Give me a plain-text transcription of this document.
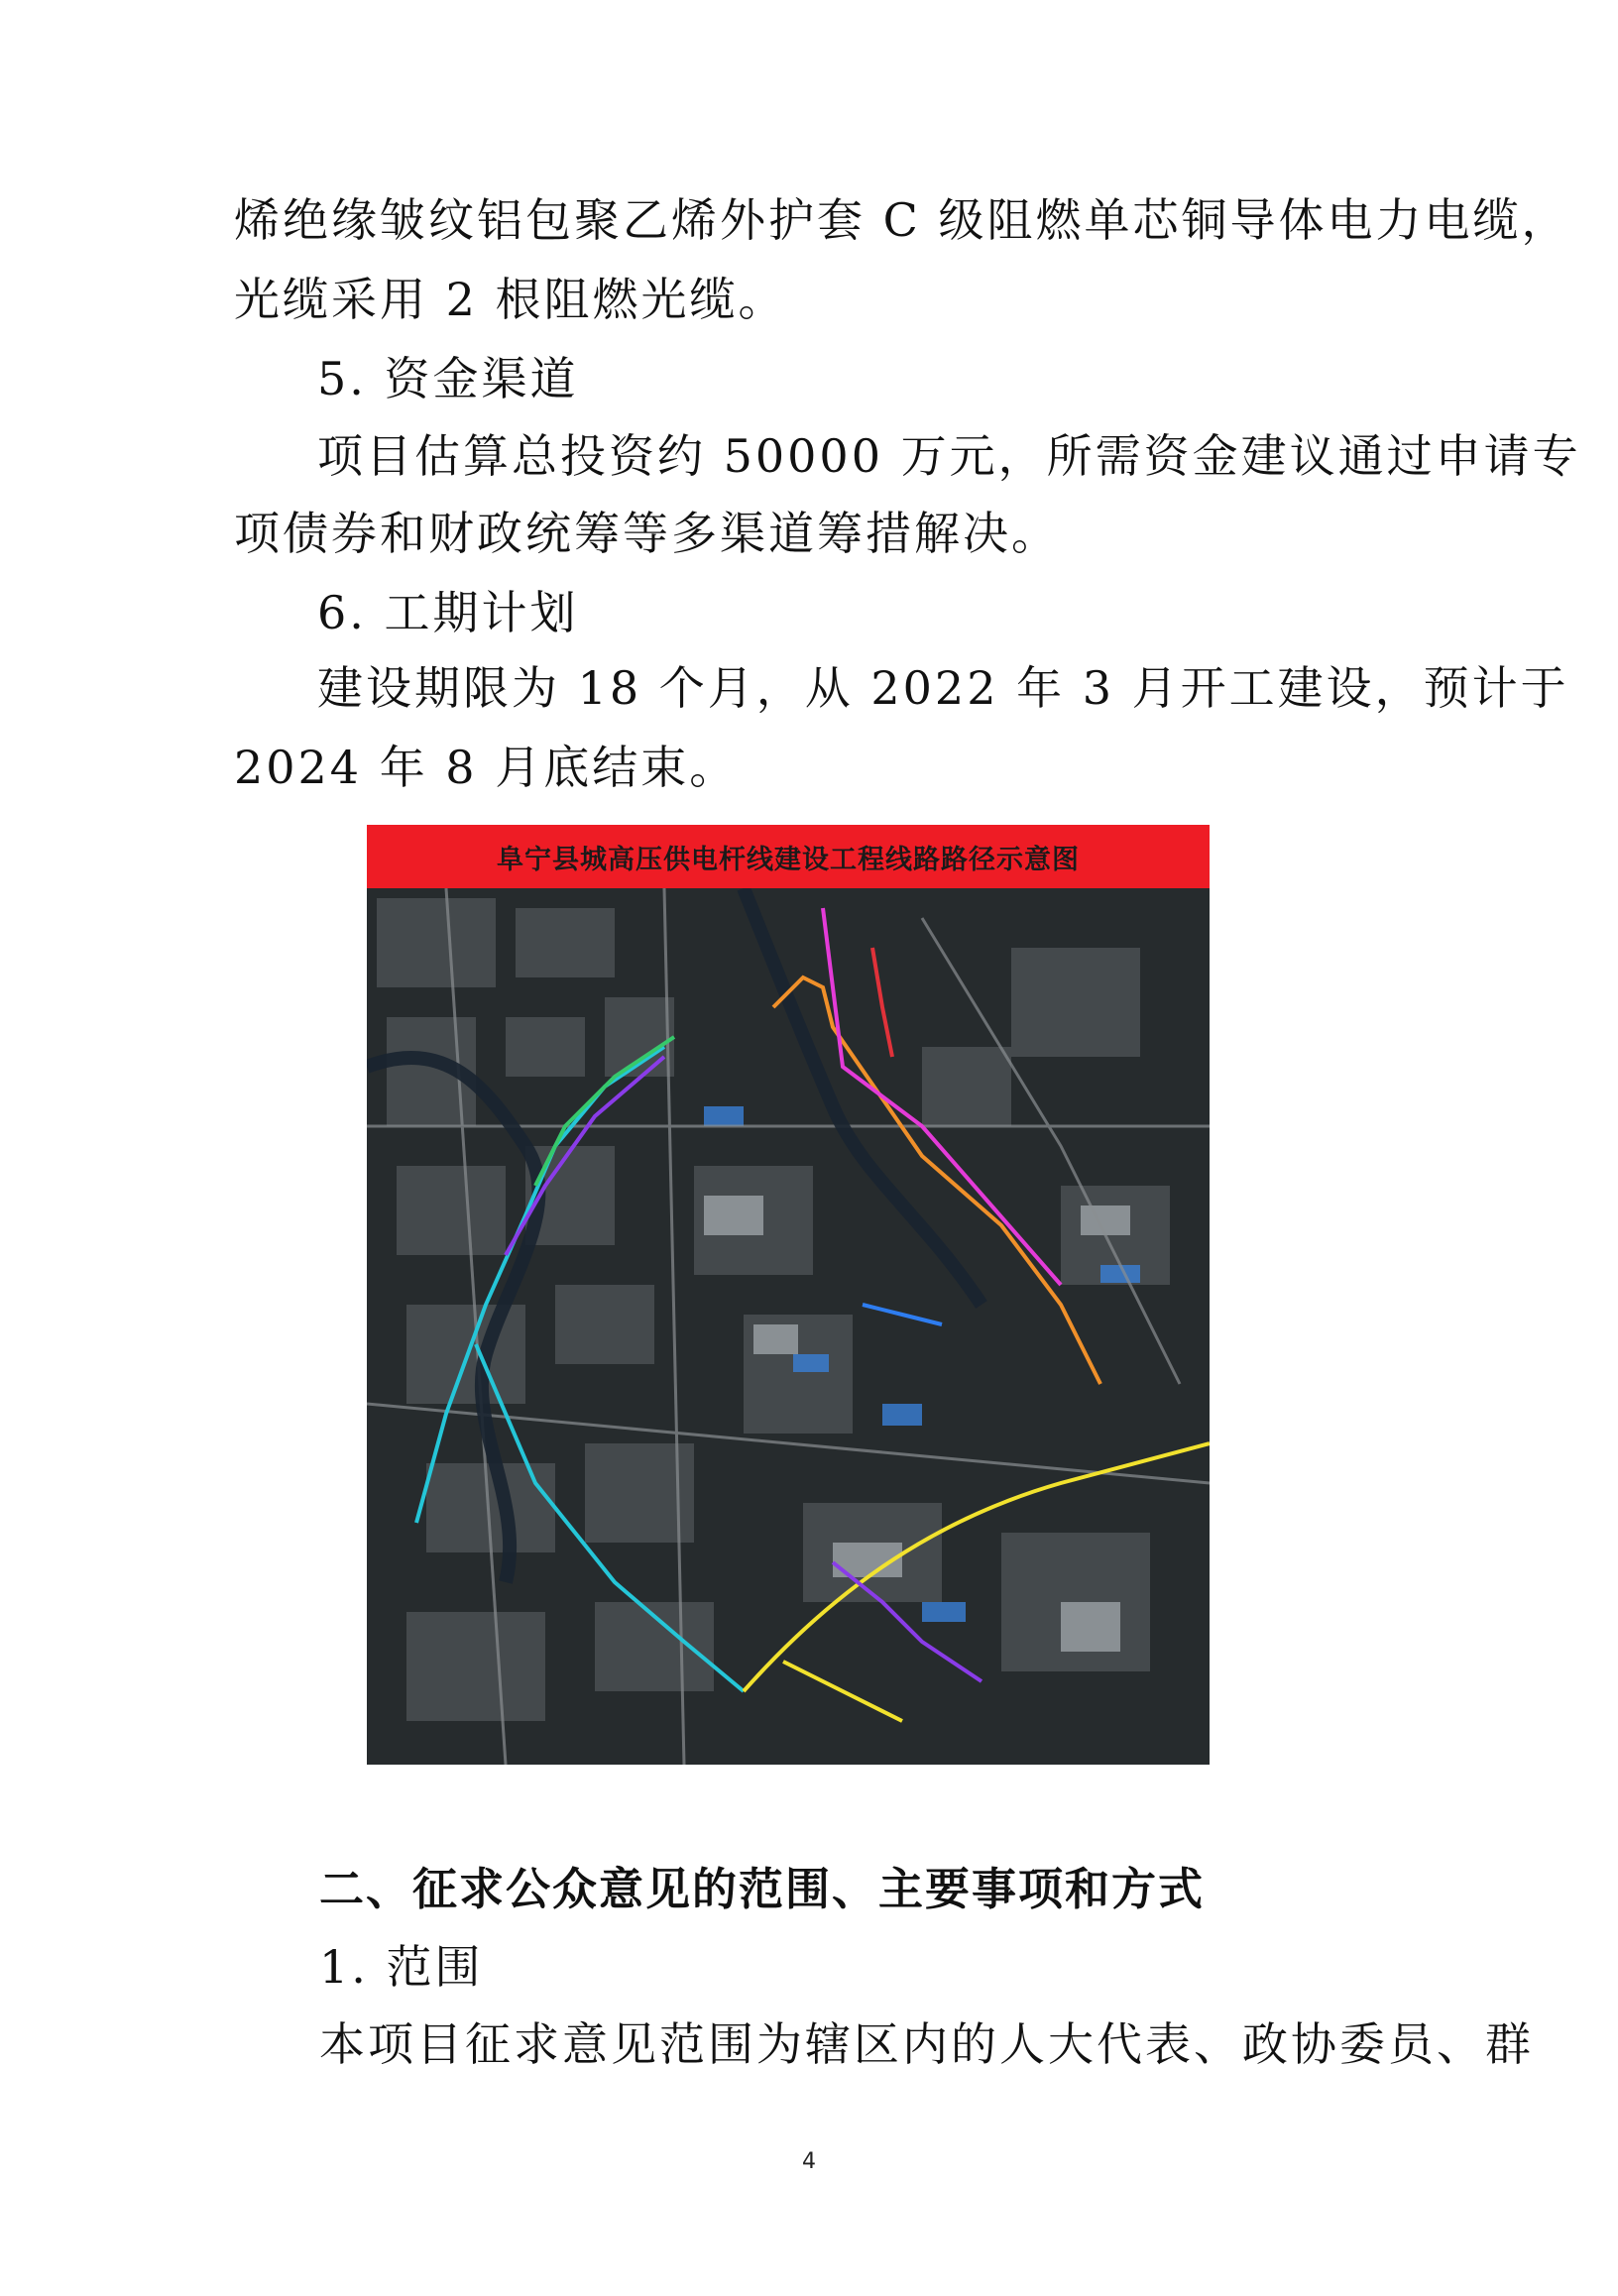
烯绝缘皱纹铝包聚乙烯外护套 C 级阻燃单芯铜导体电力电缆，
光缆采用 2 根阻燃光缆。
5. 资金渠道
项目估算总投资约 50000 万元，所需资金建议通过申请专
项债券和财政统筹等多渠道筹措解决。
6. 工期计划
建设期限为 18 个月，从 2022 年 3 月开工建设，预计于
2024 年 8 月底结束。
阜宁县城高压供电杆线建设工程线路路径示意图
二、征求公众意见的范围、主要事项和方式
1. 范围
本项目征求意见范围为辖区内的人大代表、政协委员、群
4
